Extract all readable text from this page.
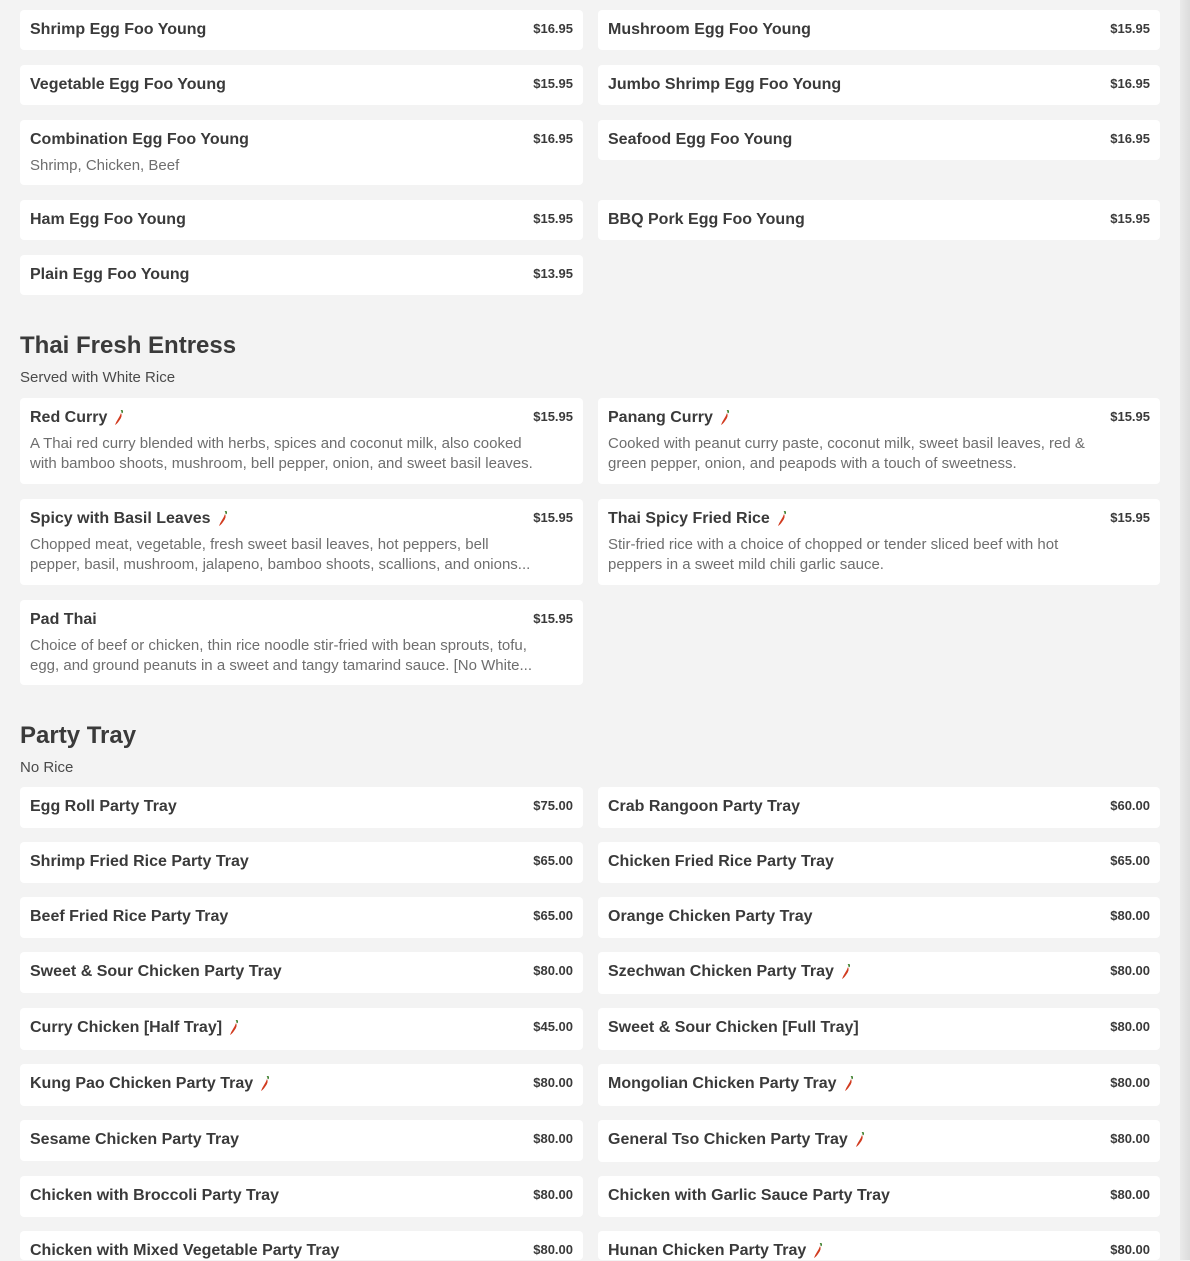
Shrimp Egg Foo Young	$16.95 Mushroom Egg Foo Young	$15.95
Vegetable Egg Foo Young	$15.95 Jumbo Shrimp Egg Foo Young	$16.95
Combination Egg Foo Young	$16.95
Shrimp, Chicken, Beef
Seafood Egg Foo Young	$16.95
Ham Egg Foo Young	$15.95 BBQ Pork Egg Foo Young	$15.95
Plain Egg Foo Young	$13.95
Thai Fresh Entress
Served with White Rice
Red Curry	$15.95
A Thai red curry blended with herbs, spices and coconut milk, also cooked with bamboo shoots, mushroom, bell pepper, onion, and sweet basil leaves.
Panang Curry	$15.95
Cooked with peanut curry paste, coconut milk, sweet basil leaves, red & green pepper, onion, and peapods with a touch of sweetness.
Spicy with Basil Leaves	$15.95
Chopped meat, vegetable, fresh sweet basil leaves, hot peppers, bell pepper, basil, mushroom, jalapeno, bamboo shoots, scallions, and onions...
Thai Spicy Fried Rice	$15.95
Stir-fried rice with a choice of chopped or tender sliced beef with hot peppers in a sweet mild chili garlic sauce.
Pad Thai	$15.95
Choice of beef or chicken, thin rice noodle stir-fried with bean sprouts, tofu, egg, and ground peanuts in a sweet and tangy tamarind sauce. [No White...
Party Tray
No Rice
Egg Roll Party Tray	$75.00 Crab Rangoon Party Tray	$60.00
Shrimp Fried Rice Party Tray	$65.00 Chicken Fried Rice Party Tray	$65.00
Beef Fried Rice Party Tray	$65.00 Orange Chicken Party Tray	$80.00
Sweet & Sour Chicken Party Tray	$80.00 Szechwan Chicken Party Tray	$80.00
Curry Chicken [Half Tray]	$45.00 Sweet & Sour Chicken [Full Tray]	$80.00
Kung Pao Chicken Party Tray	$80.00 Mongolian Chicken Party Tray	$80.00
Sesame Chicken Party Tray	$80.00 General Tso Chicken Party Tray	$80.00
Chicken with Broccoli Party Tray	$80.00 Chicken with Garlic Sauce Party Tray	$80.00
Chicken with Mixed Vegetable Party Tray	$80.00 Hunan Chicken Party Tray	$80.00
